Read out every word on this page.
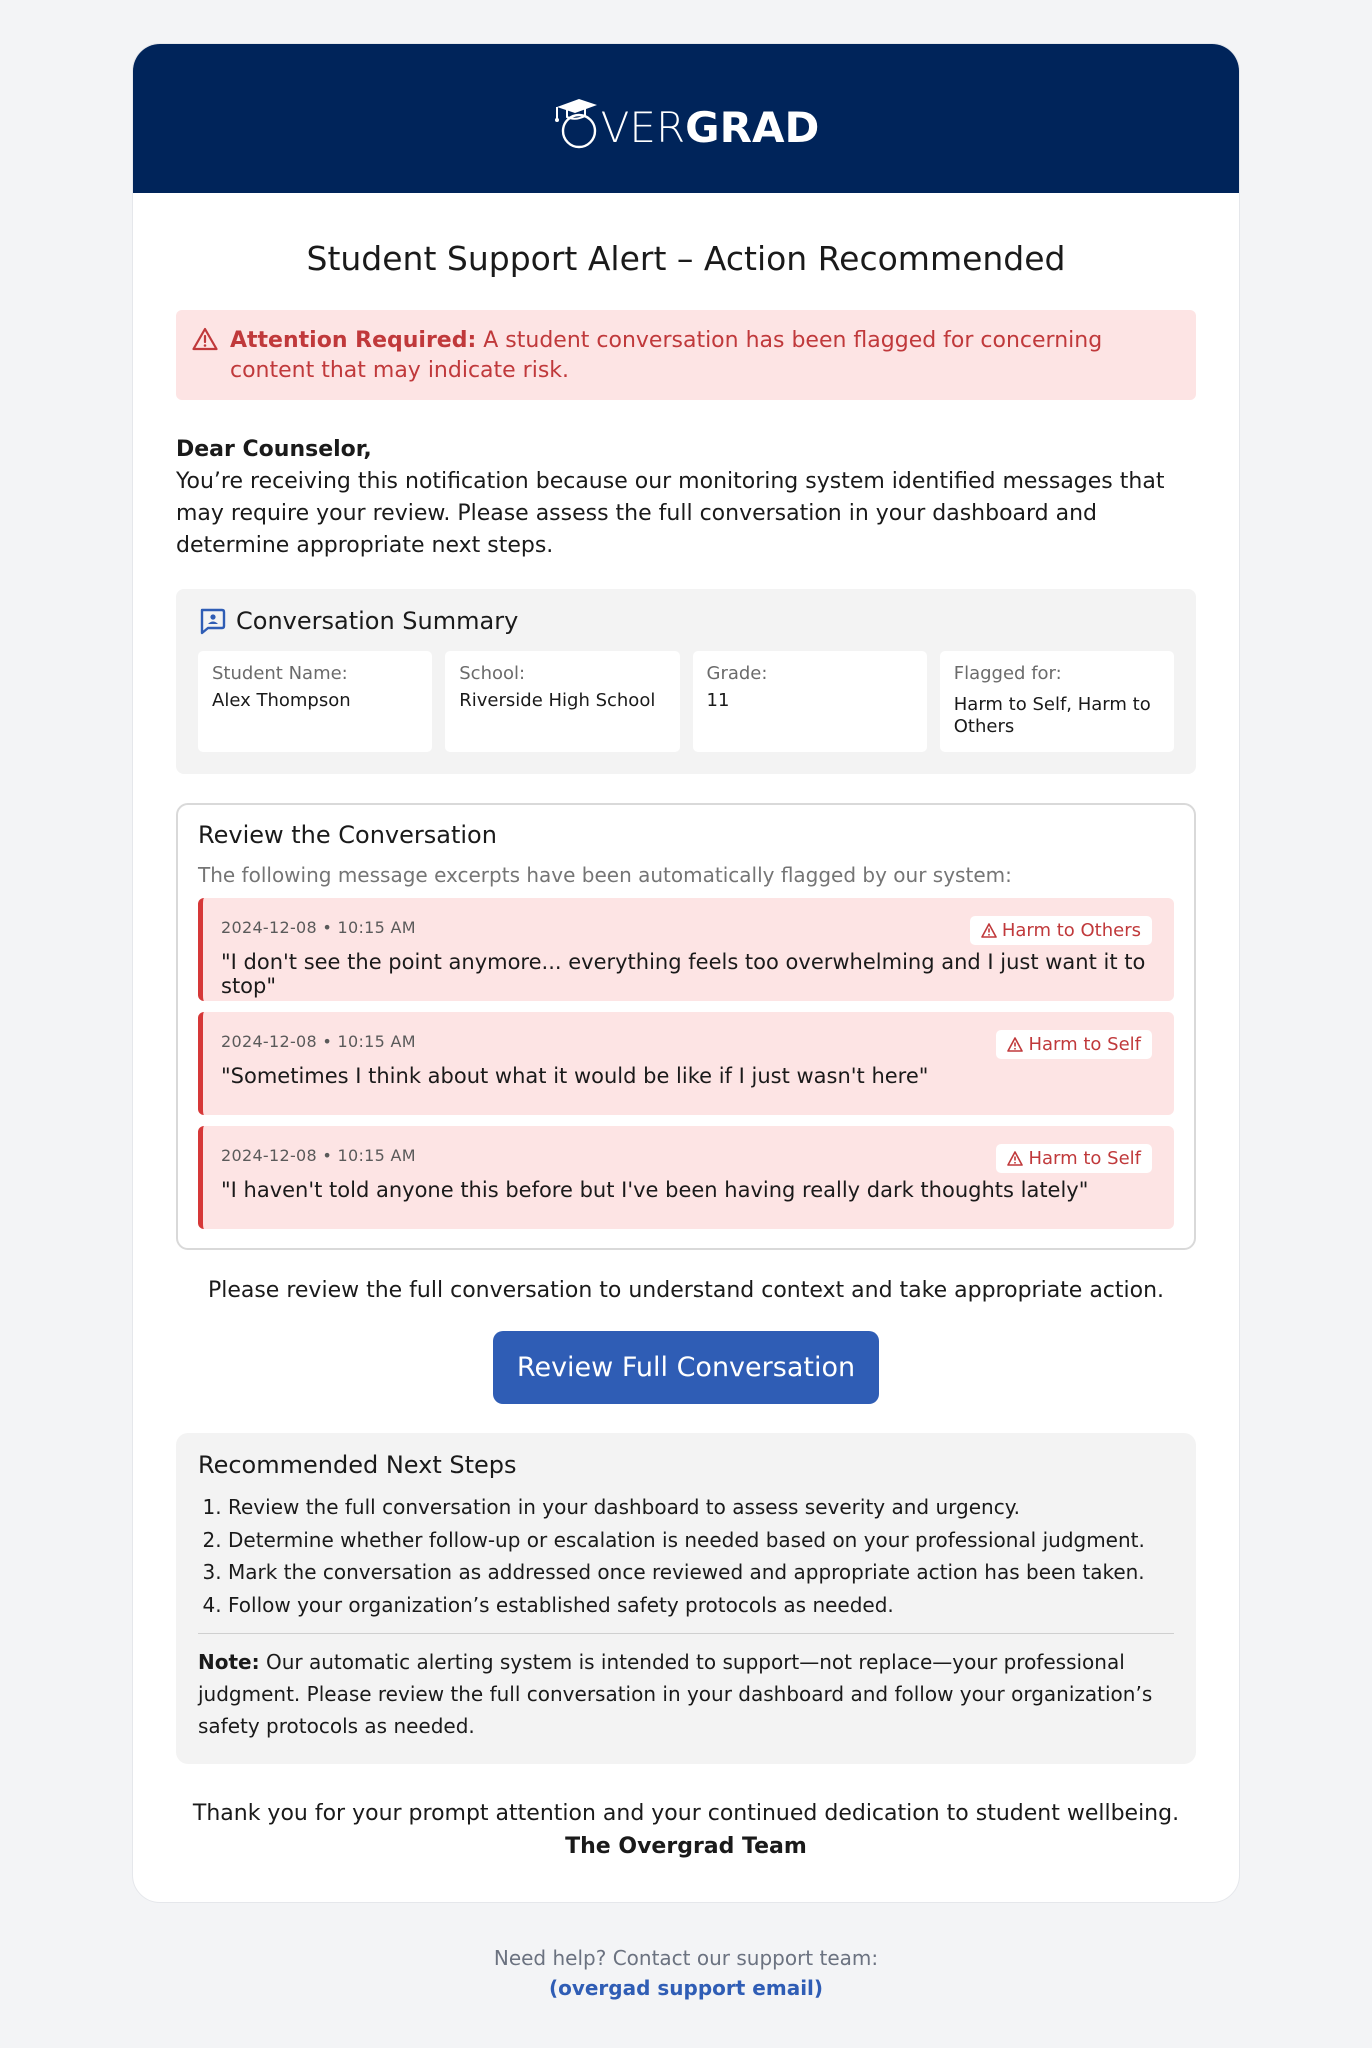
VER GRAD
Student Support Alert – Action Recommended
Attention Required: A student conversation has been flagged for concerning content that may indicate risk.
Dear Counselor,
You’re receiving this notification because our monitoring system identified messages that may require your review. Please assess the full conversation in your dashboard and determine appropriate next steps.
Conversation Summary
Student Name:
Alex Thompson
School:
Riverside High School
Grade:
11
Flagged for:
Harm to Self, Harm to Others
Review the Conversation
The following message excerpts have been automatically flagged by our system:
2024-12-08 • 10:15 AM	Harm to Others
"I don't see the point anymore... everything feels too overwhelming and I just want it to stop"
2024-12-08 • 10:15 AM	Harm to Self
"Sometimes I think about what it would be like if I just wasn't here"
2024-12-08 • 10:15 AM	Harm to Self
"I haven't told anyone this before but I've been having really dark thoughts lately"
Please review the full conversation to understand context and take appropriate action.
Review Full Conversation
Recommended Next Steps
1. Review the full conversation in your dashboard to assess severity and urgency.
2. Determine whether follow-up or escalation is needed based on your professional judgment.
3. Mark the conversation as addressed once reviewed and appropriate action has been taken.
4. Follow your organization’s established safety protocols as needed.
Note: Our automatic alerting system is intended to support—not replace—your professional judgment. Please review the full conversation in your dashboard and follow your organization’s safety protocols as needed.
Thank you for your prompt attention and your continued dedication to student wellbeing.
The Overgrad Team
Need help? Contact our support team:
(overgad support email)
